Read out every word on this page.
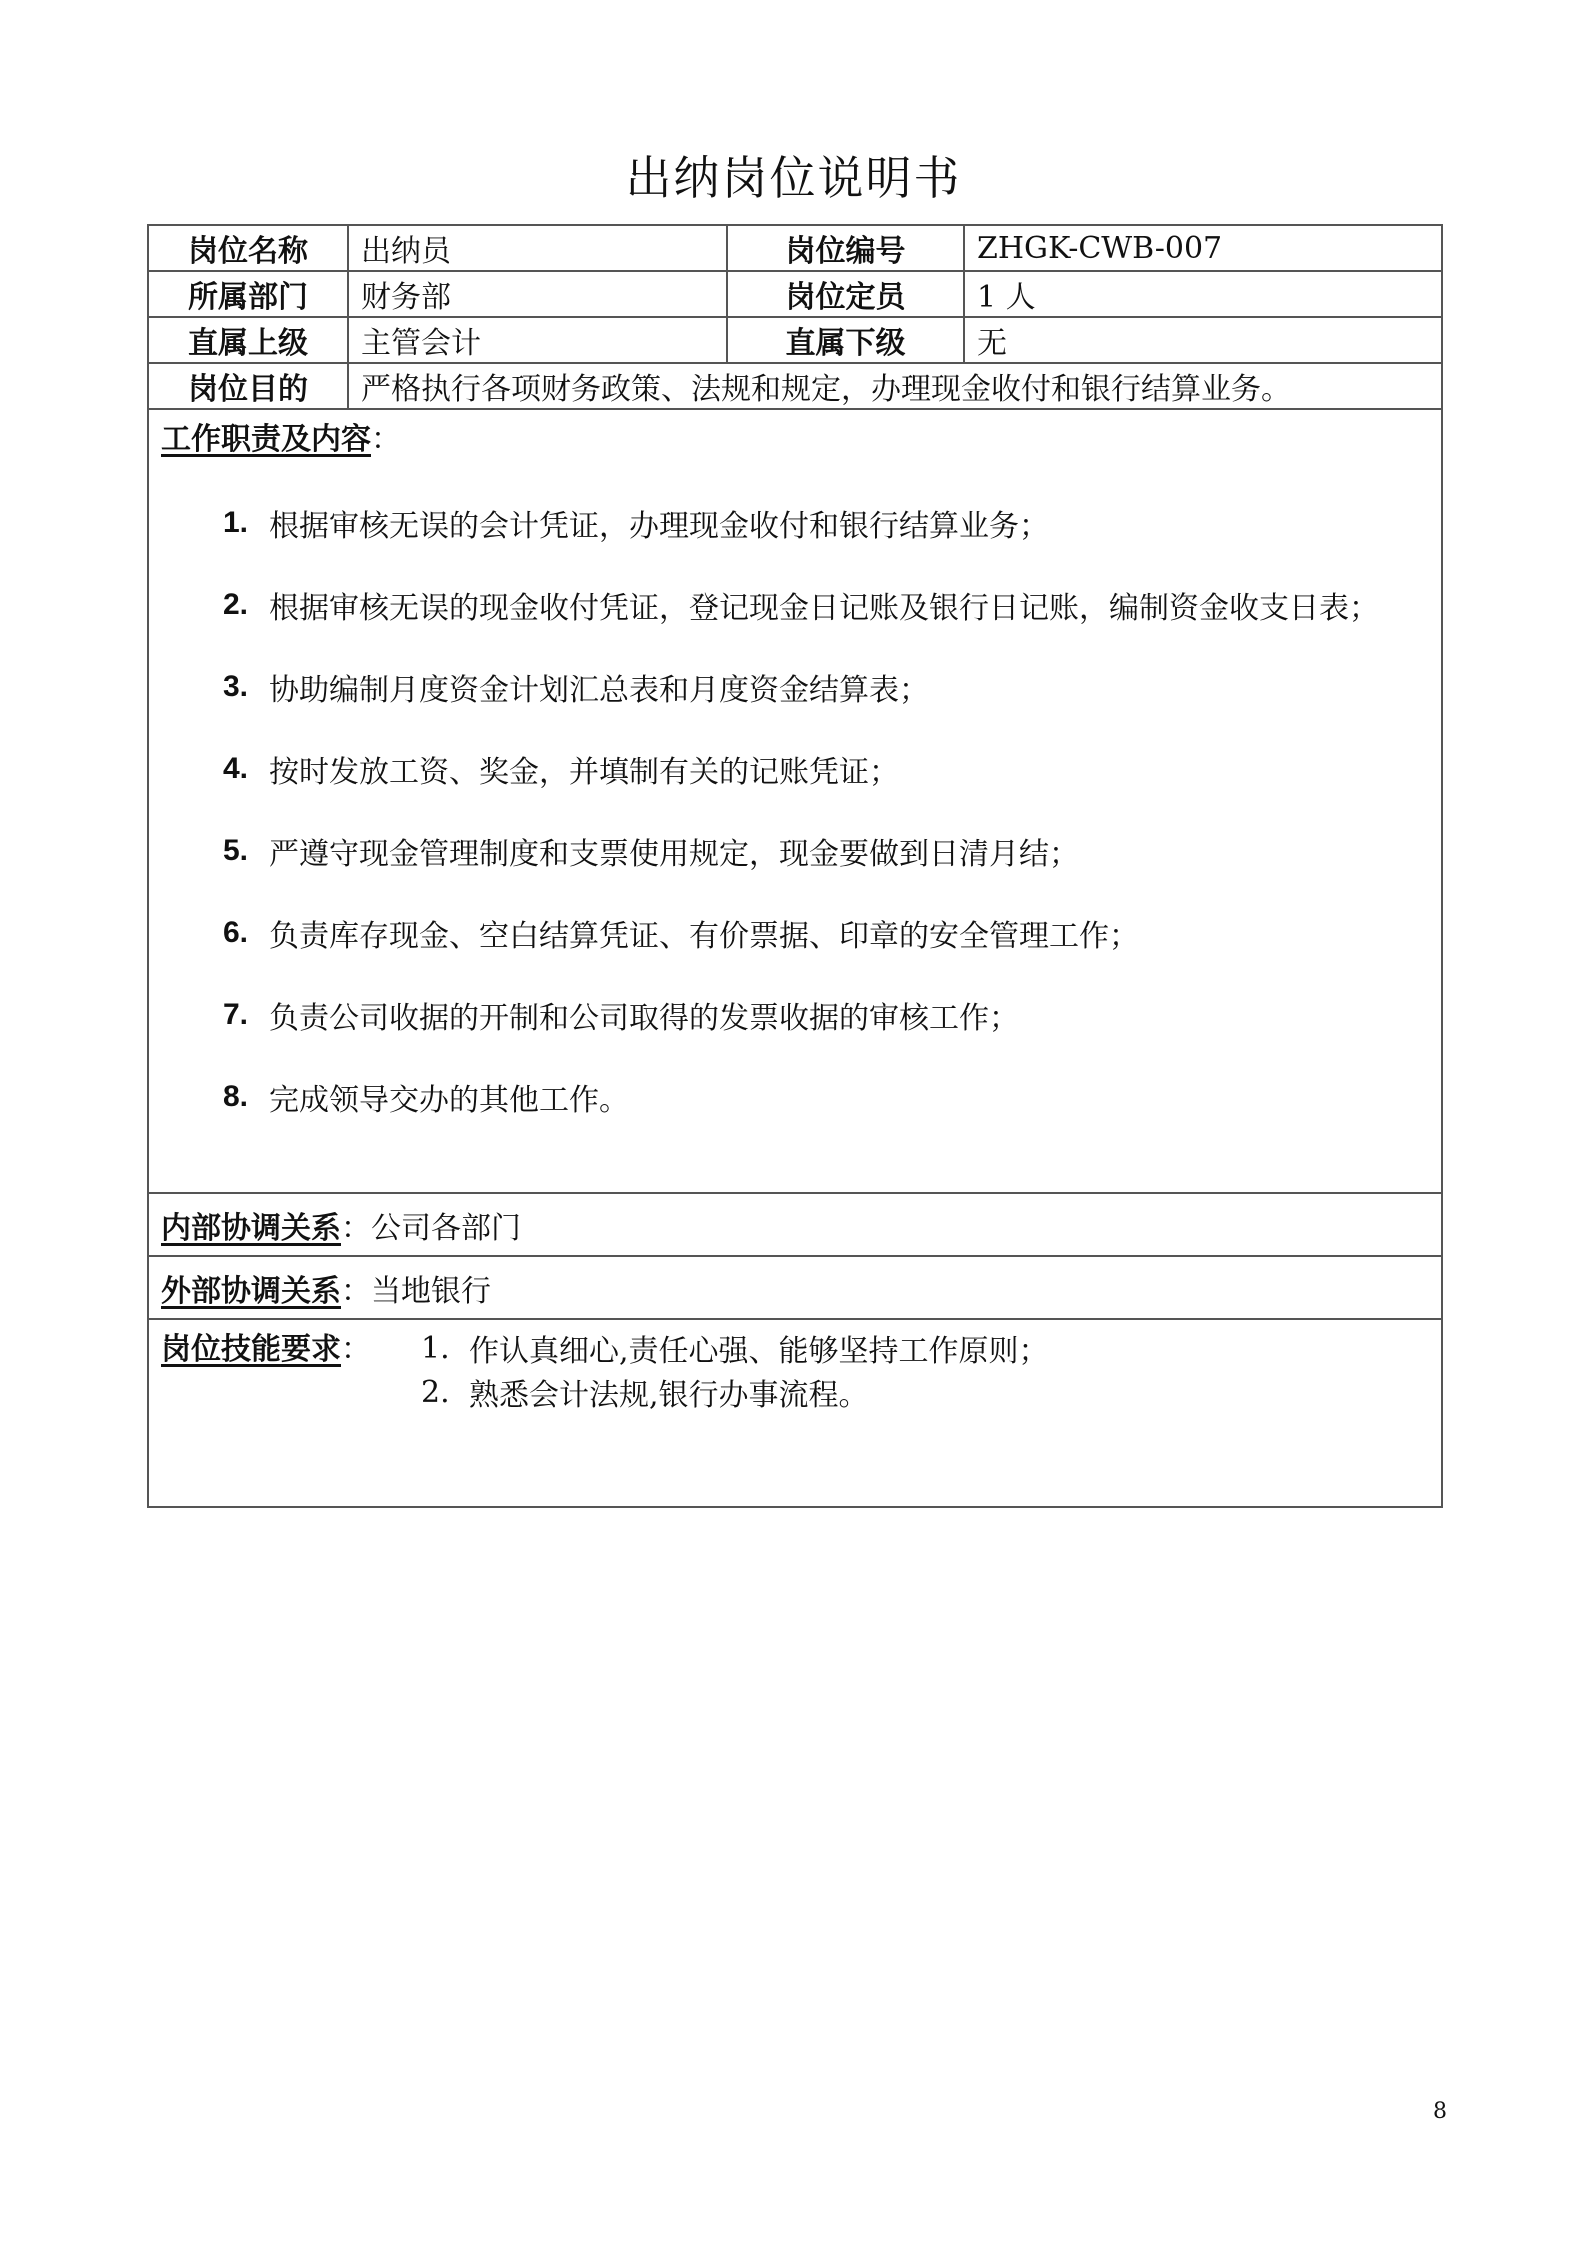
出纳岗位说明书
岗位名称	出纳员	岗位编号	ZHGK-CWB-007
所属部门	财务部	岗位定员	1 人
直属上级	主管会计	直属下级	无
岗位目的	严格执行各项财务政策、法规和规定，办理现金收付和银行结算业务。
工作职责及内容：
1. 根据审核无误的会计凭证，办理现金收付和银行结算业务；
2. 根据审核无误的现金收付凭证，登记现金日记账及银行日记账，编制资金收支日表；
3. 协助编制月度资金计划汇总表和月度资金结算表；
4. 按时发放工资、奖金，并填制有关的记账凭证；
5. 严遵守现金管理制度和支票使用规定，现金要做到日清月结；
6. 负责库存现金、空白结算凭证、有价票据、印章的安全管理工作；
7. 负责公司收据的开制和公司取得的发票收据的审核工作；
8. 完成领导交办的其他工作。
内部协调关系 ： 公司各部门
外部协调关系 ： 当地银行
岗位技能要求： 1. 作认真细心,责任心强、能够坚持工作原则；
2. 熟悉会计法规,银行办事流程。
8
